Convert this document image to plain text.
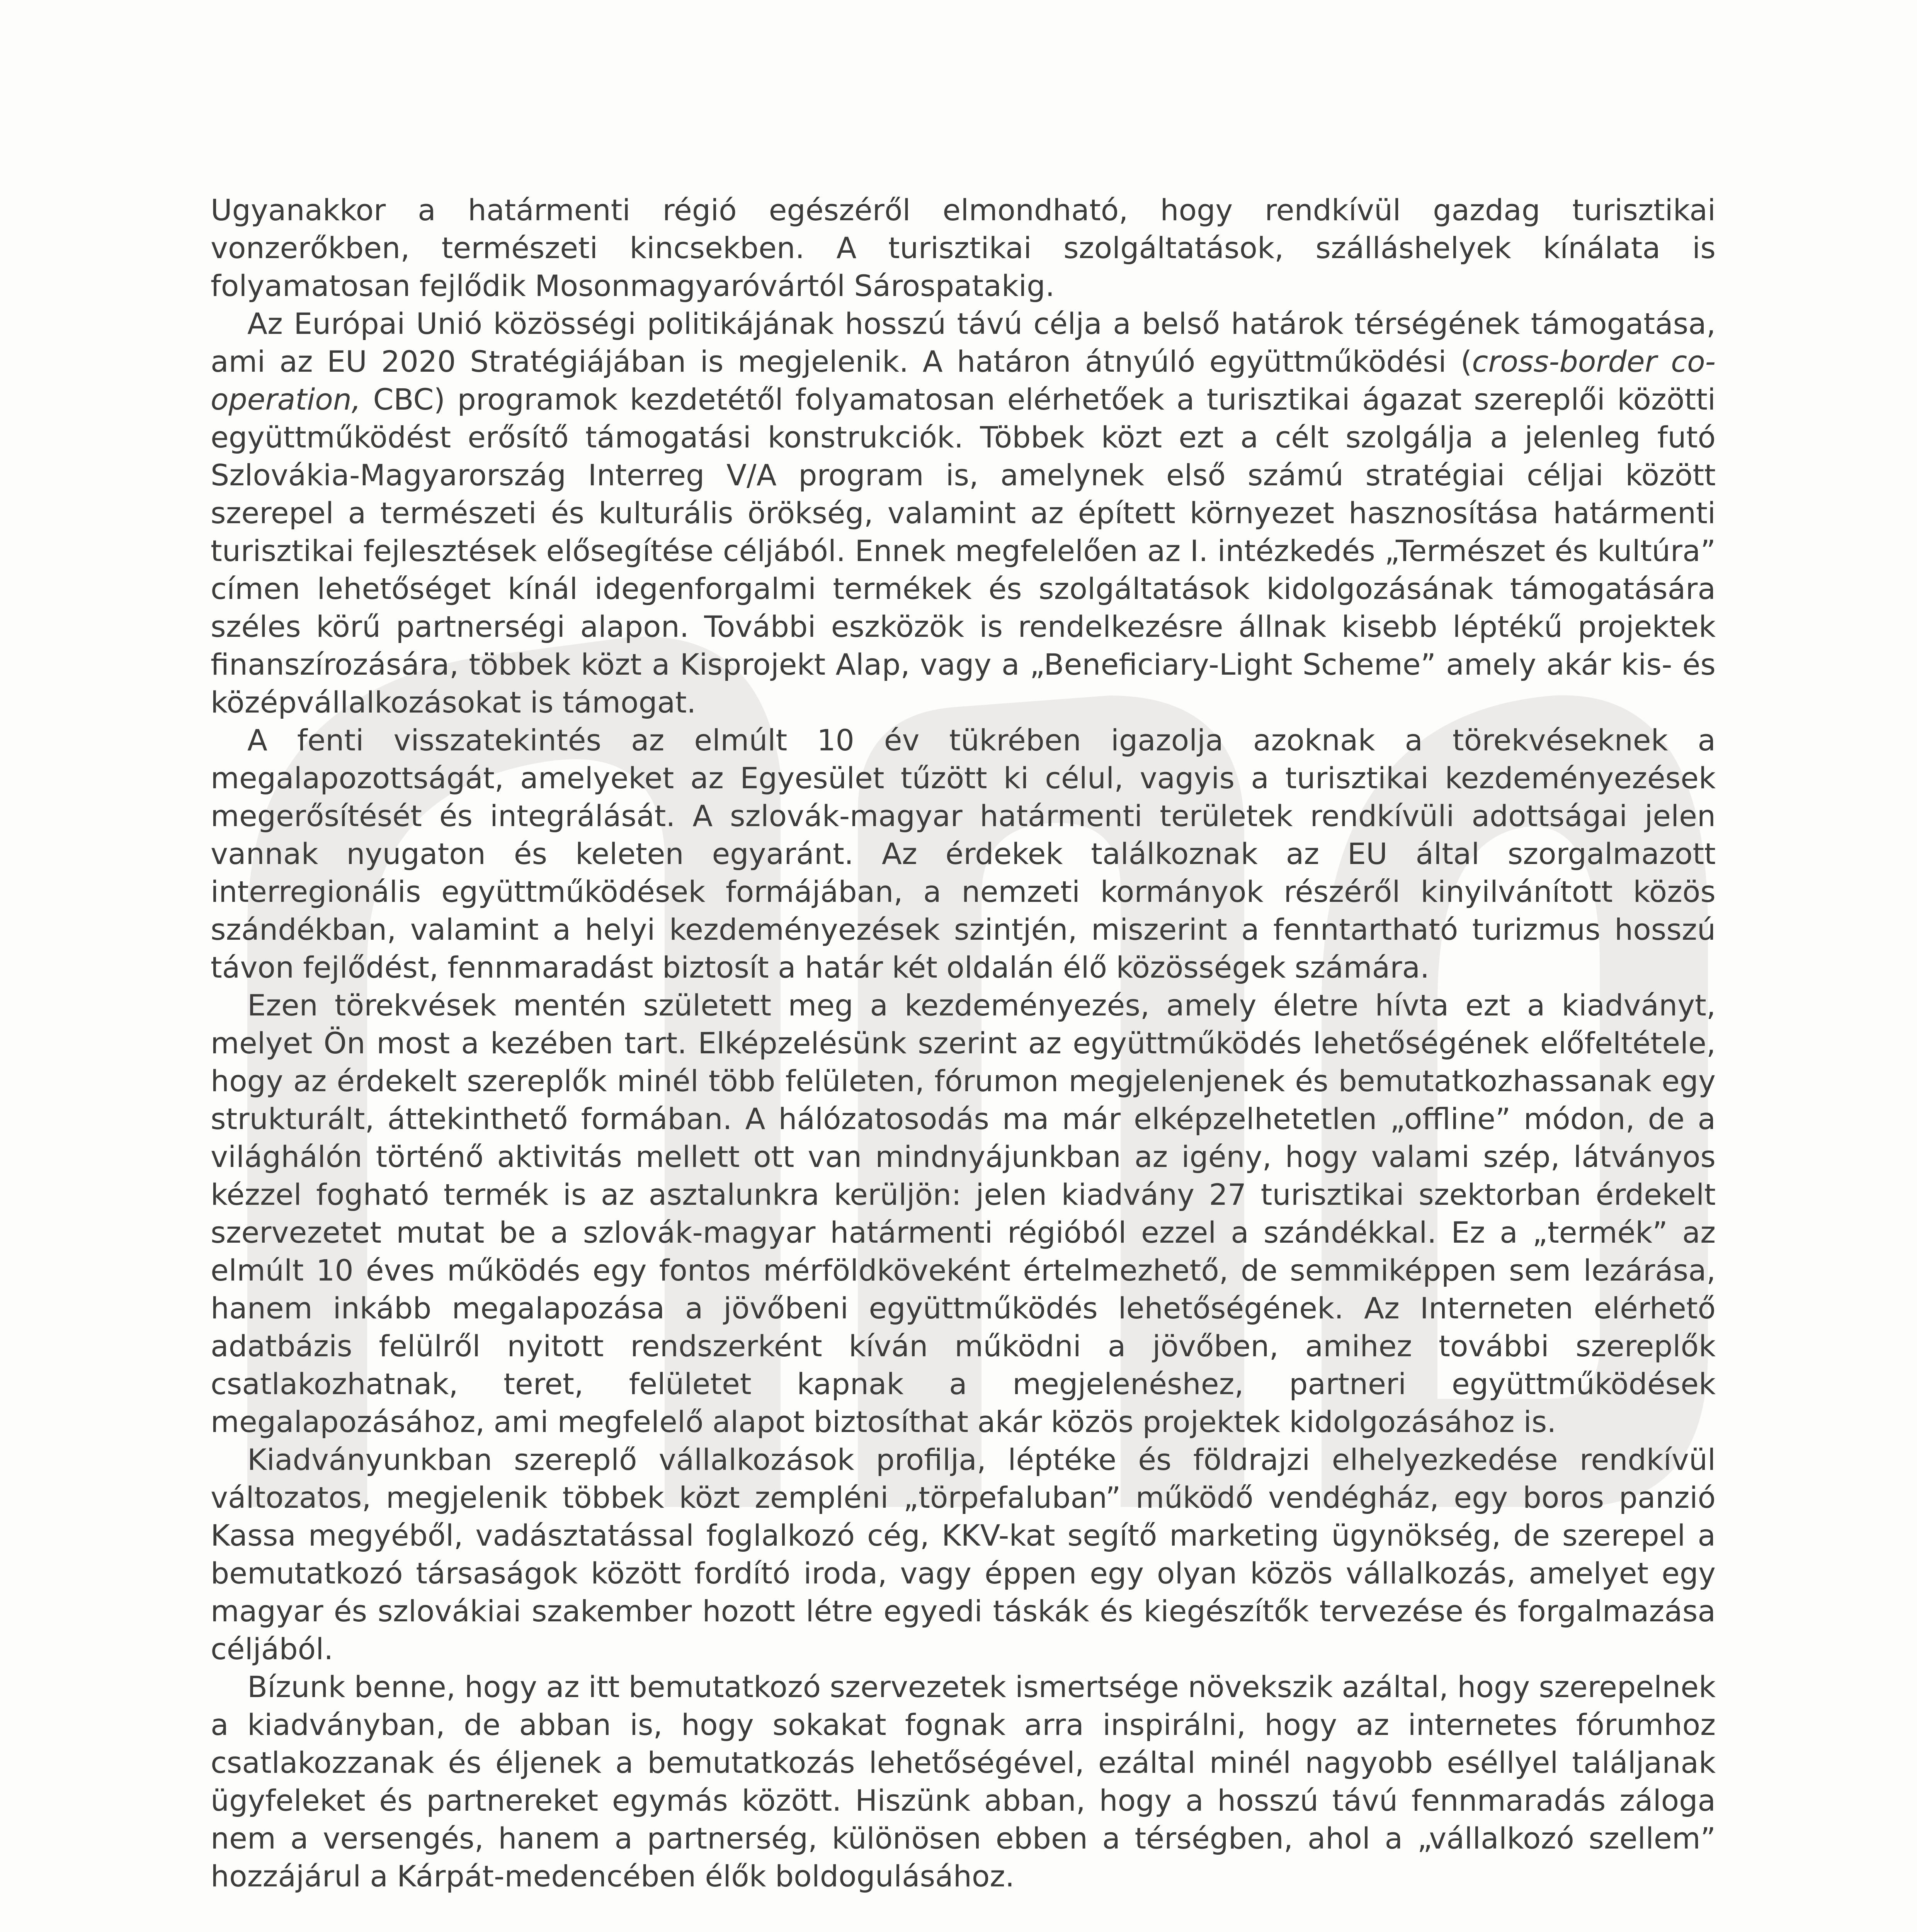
Ugyanakkor a határmenti régió egészéről elmondható, hogy rendkívül gazdag turisztikai vonzerőkben, természeti kincsekben. A turisztikai szolgáltatások, szálláshelyek kínálata is folyamatosan fejlődik Mosonmagyaróvártól Sárospatakig.

Az Európai Unió közösségi politikájának hosszú távú célja a belső határok térségének támogatása, ami az EU 2020 Stratégiájában is megjelenik. A határon átnyúló együttműködési (cross-border co-operation, CBC) programok kezdetétől folyamatosan elérhetőek a turisztikai ágazat szereplői közötti együttműködést erősítő támogatási konstrukciók. Többek közt ezt a célt szolgálja a jelenleg futó Szlovákia-Magyarország Interreg V/A program is, amelynek első számú stratégiai céljai között szerepel a természeti és kulturális örökség, valamint az épített környezet hasznosítása határmenti turisztikai fejlesztések elősegítése céljából. Ennek megfelelően az I. intézkedés „Természet és kultúra” címen lehetőséget kínál idegenforgalmi termékek és szolgáltatások kidolgozásának támogatására széles körű partnerségi alapon. További eszközök is rendelkezésre állnak kisebb léptékű projektek finanszírozására, többek közt a Kisprojekt Alap, vagy a „Beneficiary-Light Scheme” amely akár kis- és középvállalkozásokat is támogat.

A fenti visszatekintés az elmúlt 10 év tükrében igazolja azoknak a törekvéseknek a megalapozottságát, amelyeket az Egyesület tűzött ki célul, vagyis a turisztikai kezdeményezések megerősítését és integrálását. A szlovák-magyar határmenti területek rendkívüli adottságai jelen vannak nyugaton és keleten egyaránt. Az érdekek találkoznak az EU által szorgalmazott interregionális együttműködések formájában, a nemzeti kormányok részéről kinyilvánított közös szándékban, valamint a helyi kezdeményezések szintjén, miszerint a fenntartható turizmus hosszú távon fejlődést, fennmaradást biztosít a határ két oldalán élő közösségek számára.

Ezen törekvések mentén született meg a kezdeményezés, amely életre hívta ezt a kiadványt, melyet Ön most a kezében tart. Elképzelésünk szerint az együttműködés lehetőségének előfeltétele, hogy az érdekelt szereplők minél több felületen, fórumon megjelenjenek és bemutatkozhassanak egy strukturált, áttekinthető formában. A hálózatosodás ma már elképzelhetetlen „offline” módon, de a világhálón történő aktivitás mellett ott van mindnyájunkban az igény, hogy valami szép, látványos kézzel fogható termék is az asztalunkra kerüljön: jelen kiadvány 27 turisztikai szektorban érdekelt szervezetet mutat be a szlovák-magyar határmenti régióból ezzel a szándékkal. Ez a „termék” az elmúlt 10 éves működés egy fontos mérföldköveként értelmezhető, de semmiképpen sem lezárása, hanem inkább megalapozása a jövőbeni együttműködés lehetőségének. Az Interneten elérhető adatbázis felülről nyitott rendszerként kíván működni a jövőben, amihez további szereplők csatlakozhatnak, teret, felületet kapnak a megjelenéshez, partneri együttműködések megalapozásához, ami megfelelő alapot biztosíthat akár közös projektek kidolgozásához is.

Kiadványunkban szereplő vállalkozások profilja, léptéke és földrajzi elhelyezkedése rendkívül változatos, megjelenik többek közt zempléni „törpefaluban” működő vendégház, egy boros panzió Kassa megyéből, vadásztatással foglalkozó cég, KKV-kat segítő marketing ügynökség, de szerepel a bemutatkozó társaságok között fordító iroda, vagy éppen egy olyan közös vállalkozás, amelyet egy magyar és szlovákiai szakember hozott létre egyedi táskák és kiegészítők tervezése és forgalmazása céljából.

Bízunk benne, hogy az itt bemutatkozó szervezetek ismertsége növekszik azáltal, hogy szerepelnek a kiadványban, de abban is, hogy sokakat fognak arra inspirálni, hogy az internetes fórumhoz csatlakozzanak és éljenek a bemutatkozás lehetőségével, ezáltal minél nagyobb eséllyel találjanak ügyfeleket és partnereket egymás között. Hiszünk abban, hogy a hosszú távú fennmaradás záloga nem a versengés, hanem a partnerség, különösen ebben a térségben, ahol a „vállalkozó szellem” hozzájárul a Kárpát-medencében élők boldogulásához.
